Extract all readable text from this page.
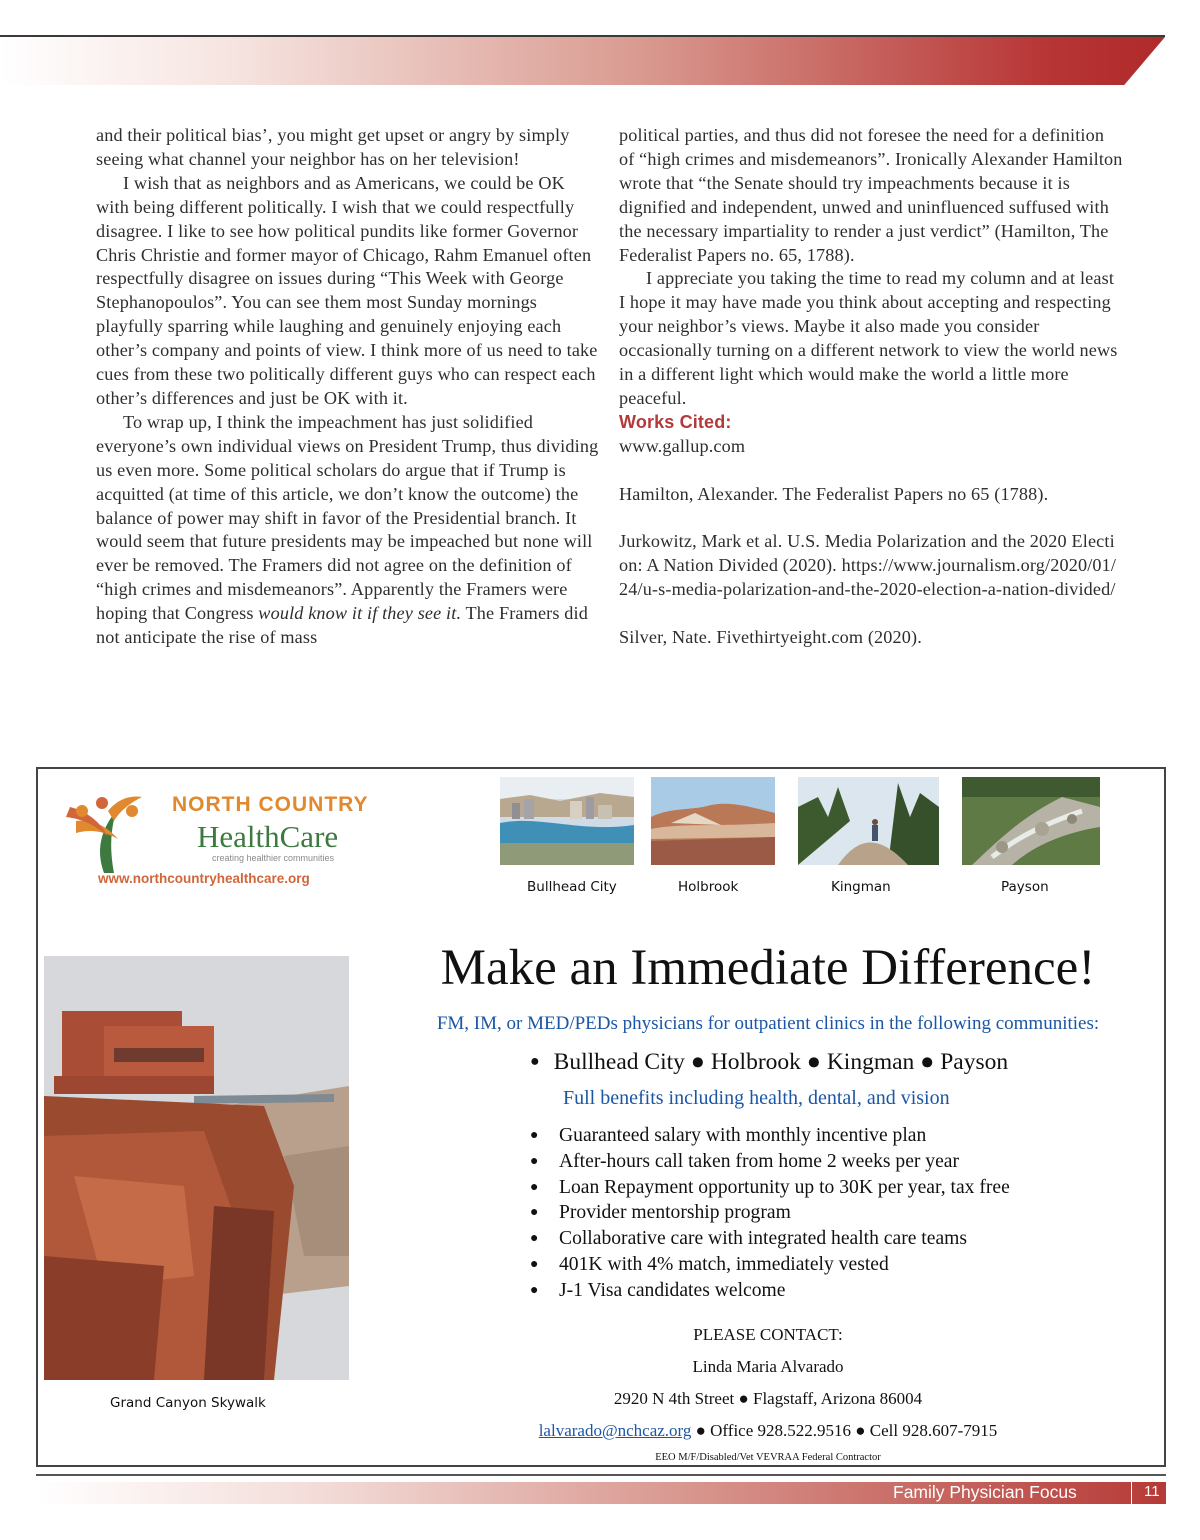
and their political bias’, you might get upset or angry by simply seeing what channel your neighbor has on her television!

I wish that as neighbors and as Americans, we could be OK with being different politically. I wish that we could respectfully disagree. I like to see how political pundits like former Governor Chris Christie and former mayor of Chicago, Rahm Emanuel often respectfully disagree on issues during “This Week with George Stephanopoulos”. You can see them most Sunday mornings playfully sparring while laughing and genuinely enjoying each other’s company and points of view. I think more of us need to take cues from these two politically different guys who can respect each other’s differences and just be OK with it.

To wrap up, I think the impeachment has just solidified everyone’s own individual views on President Trump, thus dividing us even more. Some political scholars do argue that if Trump is acquitted (at time of this article, we don’t know the outcome) the balance of power may shift in favor of the Presidential branch. It would seem that future presidents may be impeached but none will ever be removed. The Framers did not agree on the definition of “high crimes and misdemeanors”. Apparently the Framers were hoping that Congress would know it if they see it. The Framers did not anticipate the rise of mass

political parties, and thus did not foresee the need for a definition of “high crimes and misdemeanors”. Ironically Alexander Hamilton wrote that “the Senate should try impeachments because it is dignified and independent, unwed and uninfluenced suffused with the necessary impartiality to render a just verdict” (Hamilton, The Federalist Papers no. 65, 1788).

I appreciate you taking the time to read my column and at least I hope it may have made you think about accepting and respecting your neighbor’s views. Maybe it also made you consider occasionally turning on a different network to view the world news in a different light which would make the world a little more peaceful.

Works Cited:

www.gallup.com

Hamilton, Alexander. The Federalist Papers no 65 (1788).

Jurkowitz, Mark et al. U.S. Media Polarization and the 2020 Election: A Nation Divided (2020). https://www.journalism.org/2020/01/24/u-s-media-polarization-and-the-2020-election-a-nation-divided/

Silver, Nate. Fivethirtyeight.com (2020).

NORTH COUNTRY
HealthCare
creating healthier communities
www.northcountryhealthcare.org
Bullhead City	Holbrook	Kingman	Payson
Grand Canyon Skywalk
Make an Immediate Difference!
FM, IM, or MED/PEDs physicians for outpatient clinics in the following communities:
● Bullhead City ● Holbrook ● Kingman ● Payson
Full benefits including health, dental, and vision
● Guaranteed salary with monthly incentive plan
● After-hours call taken from home 2 weeks per year
● Loan Repayment opportunity up to 30K per year, tax free
● Provider mentorship program
● Collaborative care with integrated health care teams
● 401K with 4% match, immediately vested
● J-1 Visa candidates welcome
PLEASE CONTACT:
Linda Maria Alvarado
2920 N 4th Street ● Flagstaff, Arizona 86004
lalvarado@nchcaz.org ● Office 928.522.9516 ● Cell 928.607-7915
EEO M/F/Disabled/Vet VEVRAA Federal Contractor
Family Physician Focus	11
